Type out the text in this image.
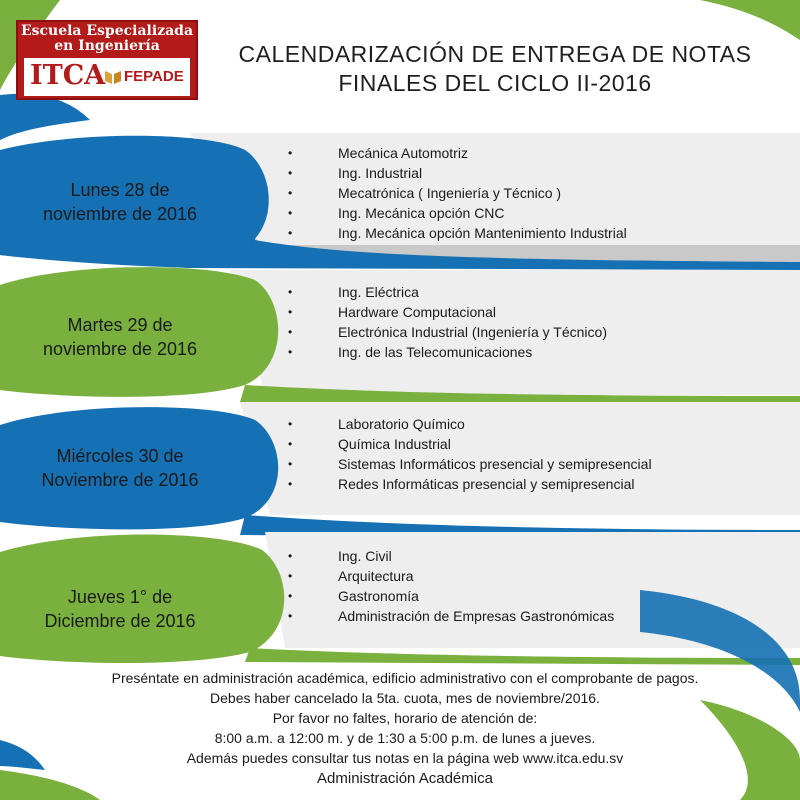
Escuela Especializada
en Ingeniería
ITCA FEPADE
CALENDARIZACIÓN DE ENTREGA DE NOTAS
FINALES DEL CICLO II-2016
Lunes 28 de
noviembre de 2016
•	Mecánica Automotriz
•	Ing. Industrial
•	Mecatrónica ( Ingeniería y Técnico )
•	Ing. Mecánica opción CNC
•	Ing. Mecánica opción Mantenimiento Industrial
Martes 29 de
noviembre de 2016
•	Ing. Eléctrica
•	Hardware Computacional
•	Electrónica Industrial (Ingeniería y Técnico)
•	Ing. de las Telecomunicaciones
Miércoles 30 de
Noviembre de 2016
•	Laboratorio Químico
•	Química Industrial
•	Sistemas Informáticos presencial y semipresencial
•	Redes Informáticas presencial y semipresencial
Jueves 1° de
Diciembre de 2016
•	Ing. Civil
•	Arquitectura
•	Gastronomía
•	Administración de Empresas Gastronómicas
Preséntate en administración académica, edificio administrativo con el comprobante de pagos.
Debes haber cancelado la 5ta. cuota, mes de noviembre/2016.
Por favor no faltes, horario de atención de:
8:00 a.m. a 12:00 m. y de 1:30 a 5:00 p.m. de lunes a jueves.
Además puedes consultar tus notas en la página web www.itca.edu.sv
Administración Académica
